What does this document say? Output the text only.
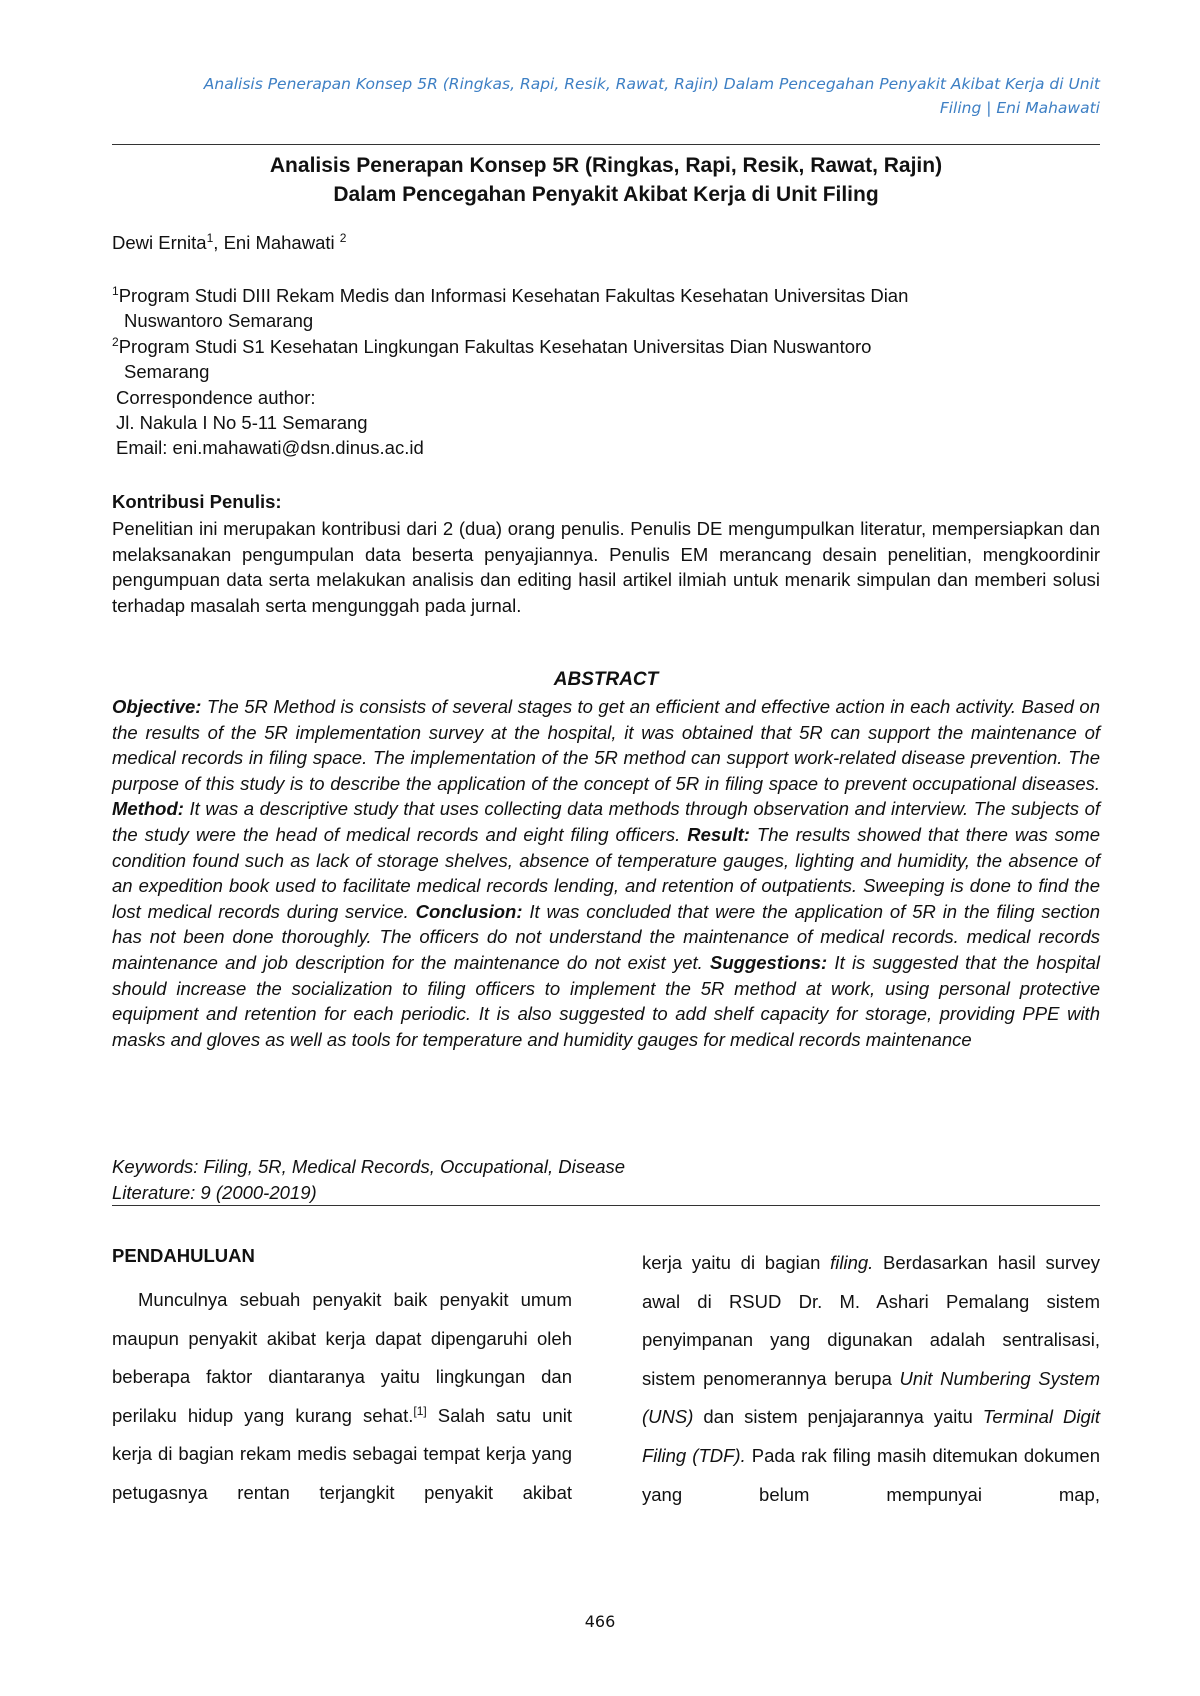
Analisis Penerapan Konsep 5R (Ringkas, Rapi, Resik, Rawat, Rajin) Dalam Pencegahan Penyakit Akibat Kerja di Unit
Filing | Eni Mahawati
Analisis Penerapan Konsep 5R (Ringkas, Rapi, Resik, Rawat, Rajin)
Dalam Pencegahan Penyakit Akibat Kerja di Unit Filing
Dewi Ernita$^1$, Eni Mahawati $^2$
$^1$Program Studi DIII Rekam Medis dan Informasi Kesehatan Fakultas Kesehatan Universitas Dian
Nuswantoro Semarang
$^2$Program Studi S1 Kesehatan Lingkungan Fakultas Kesehatan Universitas Dian Nuswantoro
Semarang
Correspondence author:
Jl. Nakula I No 5-11 Semarang
Email: eni.mahawati@dsn.dinus.ac.id
Kontribusi Penulis:
Penelitian ini merupakan kontribusi dari 2 (dua) orang penulis. Penulis DE mengumpulkan literatur, mempersiapkan dan melaksanakan pengumpulan data beserta penyajiannya. Penulis EM merancang desain penelitian, mengkoordinir pengumpuan data serta melakukan analisis dan editing hasil artikel ilmiah untuk menarik simpulan dan memberi solusi terhadap masalah serta mengunggah pada jurnal.
ABSTRACT
Objective: The 5R Method is consists of several stages to get an efficient and effective action in each activity. Based on the results of the 5R implementation survey at the hospital, it was obtained that 5R can support the maintenance of medical records in filing space. The implementation of the 5R method can support work-related disease prevention. The purpose of this study is to describe the application of the concept of 5R in filing space to prevent occupational diseases. Method: It was a descriptive study that uses collecting data methods through observation and interview. The subjects of the study were the head of medical records and eight filing officers. Result: The results showed that there was some condition found such as lack of storage shelves, absence of temperature gauges, lighting and humidity, the absence of an expedition book used to facilitate medical records lending, and retention of outpatients. Sweeping is done to find the lost medical records during service. Conclusion: It was concluded that were the application of 5R in the filing section has not been done thoroughly. The officers do not understand the maintenance of medical records. medical records maintenance and job description for the maintenance do not exist yet. Suggestions: It is suggested that the hospital should increase the socialization to filing officers to implement the 5R method at work, using personal protective equipment and retention for each periodic. It is also suggested to add shelf capacity for storage, providing PPE with masks and gloves as well as tools for temperature and humidity gauges for medical records maintenance
Keywords: Filing, 5R, Medical Records, Occupational, Disease
Literature: 9 (2000-2019)
PENDAHULUAN

Munculnya sebuah penyakit baik penyakit umum maupun penyakit akibat kerja dapat dipengaruhi oleh beberapa faktor diantaranya yaitu lingkungan dan perilaku hidup yang kurang sehat.[1] Salah satu unit kerja di bagian rekam medis sebagai tempat kerja yang petugasnya rentan terjangkit penyakit akibat

kerja yaitu di bagian filing. Berdasarkan hasil survey awal di RSUD Dr. M. Ashari Pemalang sistem penyimpanan yang digunakan adalah sentralisasi, sistem penomerannya berupa Unit Numbering System (UNS) dan sistem penjajarannya yaitu Terminal Digit Filing (TDF). Pada rak filing masih ditemukan dokumen yang belum mempunyai map,

466
